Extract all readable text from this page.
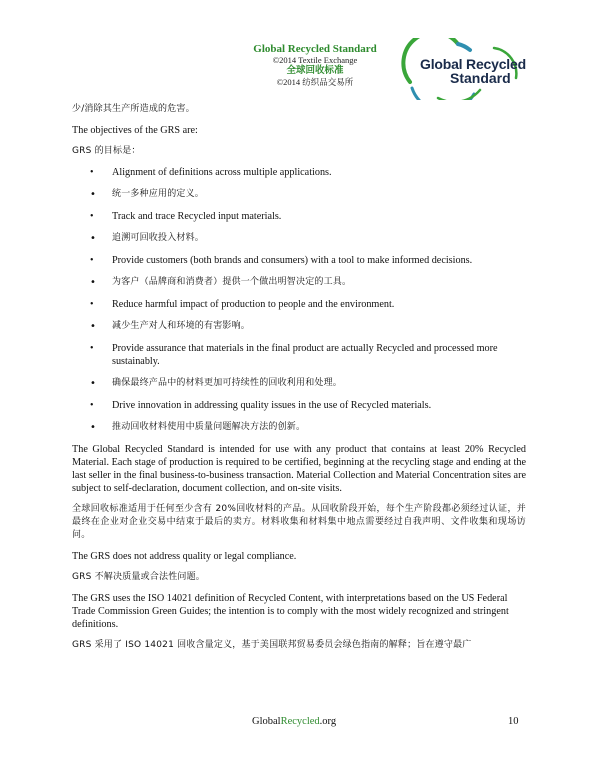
Global Recycled Standard
©2014 Textile Exchange
全球回收标准
©2014 纺织品交易所
Global Recycled
Standard

少/消除其生产所造成的危害。

The objectives of the GRS are:

GRS 的目标是：

• Alignment of definitions across multiple applications.
• 统一多种应用的定义。
• Track and trace Recycled input materials.
• 追溯可回收投入材料。
• Provide customers (both brands and consumers) with a tool to make informed decisions.
• 为客户（品牌商和消费者）提供一个做出明智决定的工具。
• Reduce harmful impact of production to people and the environment.
• 减少生产对人和环境的有害影响。
• Provide assurance that materials in the final product are actually Recycled and processed more sustainably.
• 确保最终产品中的材料更加可持续性的回收利用和处理。
• Drive innovation in addressing quality issues in the use of Recycled materials.
• 推动回收材料使用中质量问题解决方法的创新。

The Global Recycled Standard is intended for use with any product that contains at least 20% Recycled Material. Each stage of production is required to be certified, beginning at the recycling stage and ending at the last seller in the final business-to-business transaction. Material Collection and Material Concentration sites are subject to self-declaration, document collection, and on-site visits.

全球回收标准适用于任何至少含有 20%回收材料的产品。从回收阶段开始，每个生产阶段都必须经过认证，并最终在企业对企业交易中结束于最后的卖方。材料收集和材料集中地点需要经过自我声明、文件收集和现场访问。

The GRS does not address quality or legal compliance.

GRS 不解决质量或合法性问题。

The GRS uses the ISO 14021 definition of Recycled Content, with interpretations based on the US Federal Trade Commission Green Guides; the intention is to comply with the most widely recognized and stringent definitions.

GRS 采用了 ISO 14021 回收含量定义，基于美国联邦贸易委员会绿色指南的解释；旨在遵守最广

GlobalRecycled.org	10
